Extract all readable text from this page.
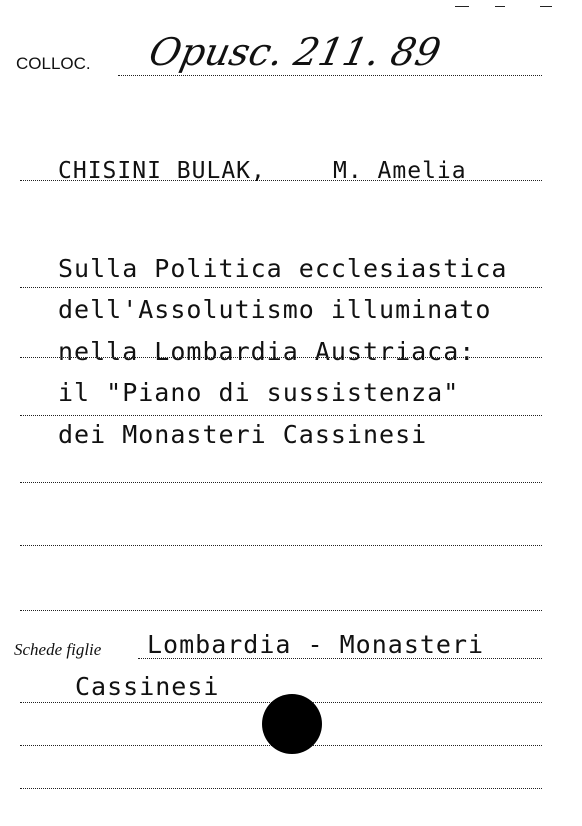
COLLOC. Opusc. 211. 89
CHISINI BULAK,	M. Amelia
Sulla Politica ecclesiastica
dell'Assolutismo illuminato
nella Lombardia Austriaca:
il "Piano di sussistenza"
dei Monasteri Cassinesi
Schede figlie Lombardia - Monasteri
Cassinesi
